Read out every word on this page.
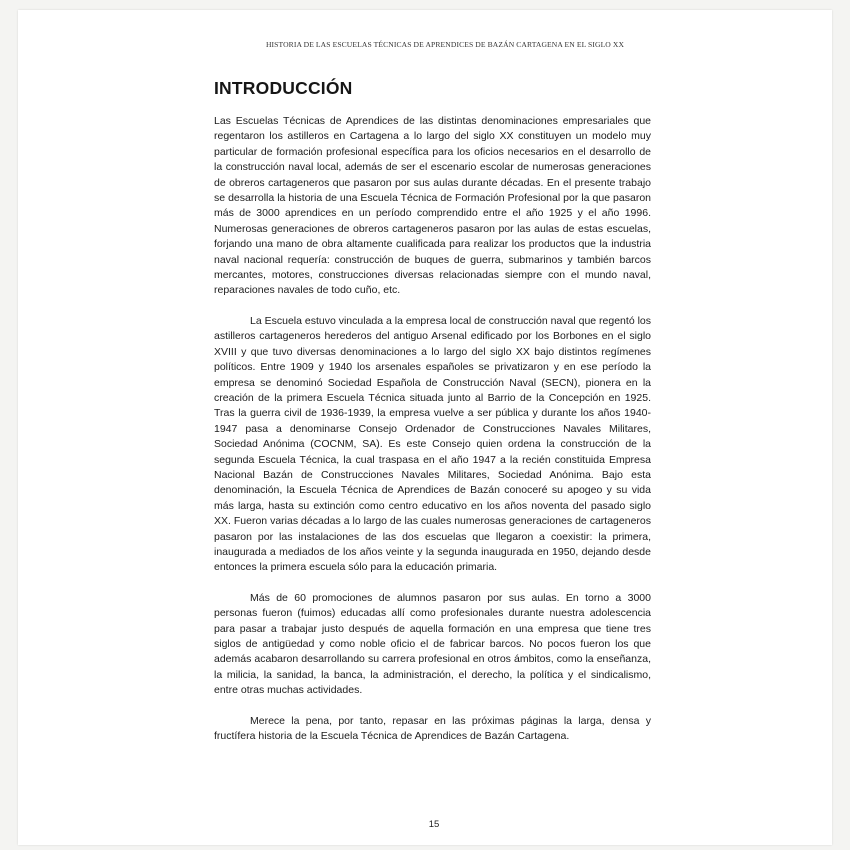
HISTORIA DE LAS ESCUELAS TÉCNICAS DE APRENDICES DE BAZÁN CARTAGENA EN EL SIGLO XX
INTRODUCCIÓN

Las Escuelas Técnicas de Aprendices de las distintas denominaciones empresariales que regentaron los astilleros en Cartagena a lo largo del siglo XX constituyen un modelo muy particular de formación profesional específica para los oficios necesarios en el desarrollo de la construcción naval local, además de ser el escenario escolar de numerosas generaciones de obreros cartageneros que pasaron por sus aulas durante décadas. En el presente trabajo se desarrolla la historia de una Escuela Técnica de Formación Profesional por la que pasaron más de 3000 aprendices en un período comprendido entre el año 1925 y el año 1996. Numerosas generaciones de obreros cartageneros pasaron por las aulas de estas escuelas, forjando una mano de obra altamente cualificada para realizar los productos que la industria naval nacional requería: construcción de buques de guerra, submarinos y también barcos mercantes, motores, construcciones diversas relacionadas siempre con el mundo naval, reparaciones navales de todo cuño, etc.

La Escuela estuvo vinculada a la empresa local de construcción naval que regentó los astilleros cartageneros herederos del antiguo Arsenal edificado por los Borbones en el siglo XVIII y que tuvo diversas denominaciones a lo largo del siglo XX bajo distintos regímenes políticos. Entre 1909 y 1940 los arsenales españoles se privatizaron y en ese período la empresa se denominó Sociedad Española de Construcción Naval (SECN), pionera en la creación de la primera Escuela Técnica situada junto al Barrio de la Concepción en 1925. Tras la guerra civil de 1936-1939, la empresa vuelve a ser pública y durante los años 1940-1947 pasa a denominarse Consejo Ordenador de Construcciones Navales Militares, Sociedad Anónima (COCNM, SA). Es este Consejo quien ordena la construcción de la segunda Escuela Técnica, la cual traspasa en el año 1947 a la recién constituida Empresa Nacional Bazán de Construcciones Navales Militares, Sociedad Anónima. Bajo esta denominación, la Escuela Técnica de Aprendices de Bazán conoceré su apogeo y su vida más larga, hasta su extinción como centro educativo en los años noventa del pasado siglo XX. Fueron varias décadas a lo largo de las cuales numerosas generaciones de cartageneros pasaron por las instalaciones de las dos escuelas que llegaron a coexistir: la primera, inaugurada a mediados de los años veinte y la segunda inaugurada en 1950, dejando desde entonces la primera escuela sólo para la educación primaria.

Más de 60 promociones de alumnos pasaron por sus aulas. En torno a 3000 personas fueron (fuimos) educadas allí como profesionales durante nuestra adolescencia para pasar a trabajar justo después de aquella formación en una empresa que tiene tres siglos de antigüedad y como noble oficio el de fabricar barcos. No pocos fueron los que además acabaron desarrollando su carrera profesional en otros ámbitos, como la enseñanza, la milicia, la sanidad, la banca, la administración, el derecho, la política y el sindicalismo, entre otras muchas actividades.

Merece la pena, por tanto, repasar en las próximas páginas la larga, densa y fructífera historia de la Escuela Técnica de Aprendices de Bazán Cartagena.

15
